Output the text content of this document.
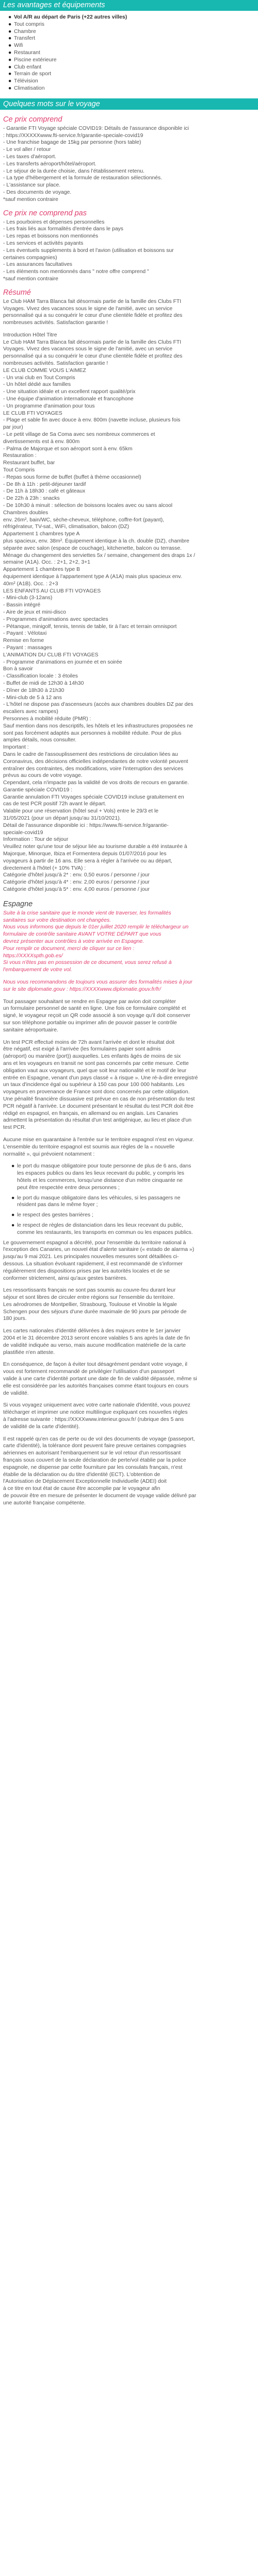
Les avantages et équipements
● Vol A/R au départ de Paris (+22 autres villes)
● Tout compris
● Chambre
● Transfert
● Wifi
● Restaurant
● Piscine extérieure
● Club enfant
● Terrain de sport
● Télévision
● Climatisation
Quelques mots sur le voyage
Ce prix comprend
- Garantie FTI Voyage spéciale COVID19: Détails de l'assurance disponible ici
: https://XXXXXwww.fti-service.fr/garantie-speciale-covid19
- Une franchise bagage de 15kg par personne (hors table)
- Le vol aller / retour
- Les taxes d'aéroport.
- Les transferts aéroport/hôtel/aéroport.
- Le séjour de la durée choisie, dans l'établissement retenu.
- La type d'hébergement et la formule de restauration sélectionnés.
- L'assistance sur place.
- Des documents de voyage.
*sauf mention contraire
Ce prix ne comprend pas
- Les pourboires et dépenses personnelles
- Les frais liés aux formalités d'entrée dans le pays
- Les repas et boissons non mentionnés
- Les services et activités payants
- Les éventuels supplements à bord et l'avion (utilisation et boissons sur
certaines compagnies)
- Les assurances facultatives
- Les éléments non mentionnés dans " notre offre comprend "
*sauf mention contraire
Résumé
Le Club HAM Tarra Blanca fait désormais partie de la famille des Clubs FTI
Voyages. Vivez des vacances sous le signe de l'amitié, avec un service
personnalisé qui a su conquérir le cœur d'une clientèle fidèle et profitez des
nombreuses activités. Satisfaction garantie !
Introduction Hôtel Titre
Le Club HAM Tarra Blanca fait désormais partie de la famille des Clubs FTI
Voyages. Vivez des vacances sous le signe de l'amitié, avec un service
personnalisé qui a su conquérir le cœur d'une clientèle fidèle et profitez des
nombreuses activités. Satisfaction garantie !
LE CLUB COMME VOUS L'AIMEZ
- Un vrai club en Tout Compris
- Un hôtel dédié aux familles
- Une situation idéale et un excellent rapport qualité/prix
- Une équipe d'animation internationale et francophone
- Un programme d'animation pour tous
LE CLUB FTI VOYAGES
- Plage et sable fin avec douce à env. 800m (navette incluse, plusieurs fois
par jour)
- Le petit village de Sa Coma avec ses nombreux commerces et
divertissements est à env. 800m
- Palma de Majorque et son aéroport sont à env. 65km
Restauration :
Restaurant buffet, bar
Tout Compris
- Repas sous forme de buffet (buffet à thème occasionnel)
- De 8h à 11h : petit-déjeuner tardif
- De 11h à 18h30 : café et gâteaux
- De 22h à 23h : snacks
- De 10h30 à minuit : sélection de boissons locales avec ou sans alcool
Chambres doubles
env. 26m², bain/WC, sèche-cheveux, téléphone, coffre-fort (payant),
réfrigérateur, TV-sat., WiFi, climatisation, balcon (DZ)
Appartement 1 chambres type A
plus spacieux, env. 38m². Équipement identique à la ch. double (DZ), chambre
séparée avec salon (espace de couchage), kitchenette, balcon ou terrasse.
Ménage du changement des serviettes 5x / semaine, changement des draps 1x /
semaine (A1A). Occ. : 2+1, 2+2, 3+1
Appartement 1 chambres type B
équipement identique à l'appartement type A (A1A) mais plus spacieux env.
40m² (A1B). Occ. : 2+3
LES ENFANTS AU CLUB FTI VOYAGES
- Mini-club (3-12ans)
- Bassin intégré
- Aire de jeux et mini-disco
- Programmes d'animations avec spectacles
- Pétanque, minigolf, tennis, tennis de table, tir à l'arc et terrain omnisport
- Payant : Vélotaxi
Remise en forme
- Payant : massages
L'ANIMATION DU CLUB FTI VOYAGES
- Programme d'animations en journée et en soirée
Bon à savoir
- Classification locale : 3 étoiles
- Buffet de midi de 12h30 à 14h30
- Dîner de 18h30 à 21h30
- Mini-club de 5 à 12 ans
- L'hôtel ne dispose pas d'ascenseurs (accès aux chambres doubles DZ par des
escaliers avec rampes)
Personnes à mobilité réduite (PMR) :
Sauf mention dans nos descriptifs, les hôtels et les infrastructures proposées ne
sont pas forcément adaptés aux personnes à mobilité réduite. Pour de plus
amples détails, nous consulter.
Important :
Dans le cadre de l'assouplissement des restrictions de circulation liées au
Coronavirus, des décisions officielles indépendantes de notre volonté peuvent
entraîner des contraintes, des modifications, voire l'interruption des services
prévus au cours de votre voyage.
Cependant, cela n'impacte pas la validité de vos droits de recours en garantie.
Garantie spéciale COVID19 :
Garantie annulation FTI Voyages spéciale COVID19 incluse gratuitement en
cas de test PCR positif 72h avant le départ.
Valable pour une réservation (hôtel seul + Vols) entre le 29/3 et le
31/05/2021 (pour un départ jusqu'au 31/10/2021).
Détail de l'assurance disponible ici : https://www.fti-service.fr/garantie-
speciale-covid19
Information : Tour de séjour
Veuillez noter qu'une tour de séjour liée au tourisme durable a été instaurée à
Majorque, Minorque, Ibiza et Formentera depuis 01/07/2016 pour les
voyageurs à partir de 16 ans. Elle sera à régler à l'arrivée ou au départ,
directement à l'hôtel (+ 10% TVA) :
Catégorie d'hôtel jusqu'à 2* : env. 0,50 euros / personne / jour
Catégorie d'hôtel jusqu'à 4* : env. 2,00 euros / personne / jour
Catégorie d'hôtel jusqu'à 5* : env. 4,00 euros / personne / jour
Espagne
Suite à la crise sanitaire que le monde vient de traverser, les formalités
sanitaires sur votre destination ont changées.
Nous vous informons que depuis le 01er juillet 2020 remplir le téléchargeur un
formulaire de contrôle sanitaire AVANT VOTRE DÉPART que vous
devrez présenter aux contrôles à votre arrivée en Espagne.
Pour remplir ce document, merci de cliquer sur ce lien :
https://XXXXspth.gob.es/
Si vous n'êtes pas en possession de ce document, vous serez refusé à
l'embarquement de votre vol.
Nous vous recommandons de toujours vous assurer des formalités mises à jour
sur le site diplomatie.gouv : https://XXXXwww.diplomatie.gouv.fr/fr/

Tout passager souhaitant se rendre en Espagne par avion doit compléter
un formulaire personnel de santé en ligne. Une fois ce formulaire complété et
signé, le voyageur reçoit un QR code associé à son voyage qu'il doit conserver
sur son téléphone portable ou imprimer afin de pouvoir passer le contrôle
sanitaire aéroportuaire.

Un test PCR effectué moins de 72h avant l'arrivée et dont le résultat doit
être négatif, est exigé à l'arrivée (les formulaires papier sont admis
(aéroport) ou manière (port)) auxquelles. Les enfants âgés de moins de six
ans et les voyageurs en transit ne sont pas concernés par cette mesure. Cette
obligation vaut aux voyageurs, quel que soit leur nationalité et le motif de leur
entrée en Espagne, venant d'un pays classé « à risque ». Une ré-à-dire enregistré
un taux d'incidence égal ou supérieur à 150 cas pour 100 000 habitants. Les
voyageurs en provenance de France sont donc concernés par cette obligation.
Une pénalité financière dissuasive est prévue en cas de non présentation du test
PCR négatif à l'arrivée. Le document présentant le résultat du test PCR doit être
rédigé en espagnol, en français, en allemand ou en anglais. Les Canaries
admettent la présentation du résultat d'un test antigénique, au lieu et place d'un
test PCR.

Aucune mise en quarantaine à l'entrée sur le territoire espagnol n'est en vigueur.
L'ensemble du territoire espagnol est soumis aux règles de la « nouvelle
normalité », qui prévoient notamment :

● le port du masque obligatoire pour toute personne de plus de 6 ans, dans
les espaces publics ou dans les lieux recevant du public, y compris les
hôtels et les commerces, lorsqu'une distance d'un mètre cinquante ne
peut être respectée entre deux personnes ;
● le port du masque obligatoire dans les véhicules, si les passagers ne
résident pas dans le même foyer ;
● le respect des gestes barrières ;
● le respect de règles de distanciation dans les lieux recevant du public,
comme les restaurants, les transports en commun ou les espaces publics.

Le gouvernement espagnol a décrété, pour l'ensemble du territoire national à
l'exception des Canaries, un nouvel état d'alerte sanitaire (« estado de alarma »)
jusqu'au 9 mai 2021. Les principales nouvelles mesures sont détaillées ci-
dessous. La situation évoluant rapidement, il est recommandé de s'informer
régulièrement des dispositions prises par les autorités locales et de se
conformer strictement, ainsi qu'aux gestes barrières.

Les ressortissants français ne sont pas soumis au couvre-feu durant leur
séjour et sont libres de circuler entre régions sur l'ensemble du territoire.
Les aérodromes de Montpellier, Strasbourg, Toulouse et Vinoble la légale
Schengen pour des séjours d'une durée maximale de 90 jours par période de
180 jours.

Les cartes nationales d'identité délivrées à des majeurs entre le 1er janvier
2004 et le 31 décembre 2013 seront encore valables 5 ans après la date de fin
de validité indiquée au verso, mais aucune modification matérielle de la carte
plastifiée n'en atteste.

En conséquence, de façon à éviter tout désagrément pendant votre voyage, il
vous est fortement recommandé de privilégier l'utilisation d'un passeport
valide à une carte d'identité portant une date de fin de validité dépassée, même si
elle est considérée par les autorités françaises comme étant toujours en cours
de validité.

Si vous voyagez uniquement avec votre carte nationale d'identité, vous pouvez
télécharger et imprimer une notice multilingue expliquant ces nouvelles règles
à l'adresse suivante : https://XXXXwww.interieur.gouv.fr/ (rubrique des 5 ans
de validité de la carte d'identité).

Il est rappelé qu'en cas de perte ou de vol des documents de voyage (passeport,
carte d'identité), la tolérance dont peuvent faire preuve certaines compagnies
aériennes en autorisant l'embarquement sur le vol retour d'un ressortissant
français sous couvert de la seule déclaration de perte/vol établie par la police
espagnole, ne dispense par cette fourniture par les consulats français, n'est
établie de la déclaration ou du titre d'identité (ECT). L'obtention de
l'Autorisation de Déplacement Exceptionnelle Individuelle (ADEI) doit
à ce titre en tout état de cause être accomplie par le voyageur afin
de pouvoir être en mesure de présenter le document de voyage valide délivré par
une autorité française compétente.
